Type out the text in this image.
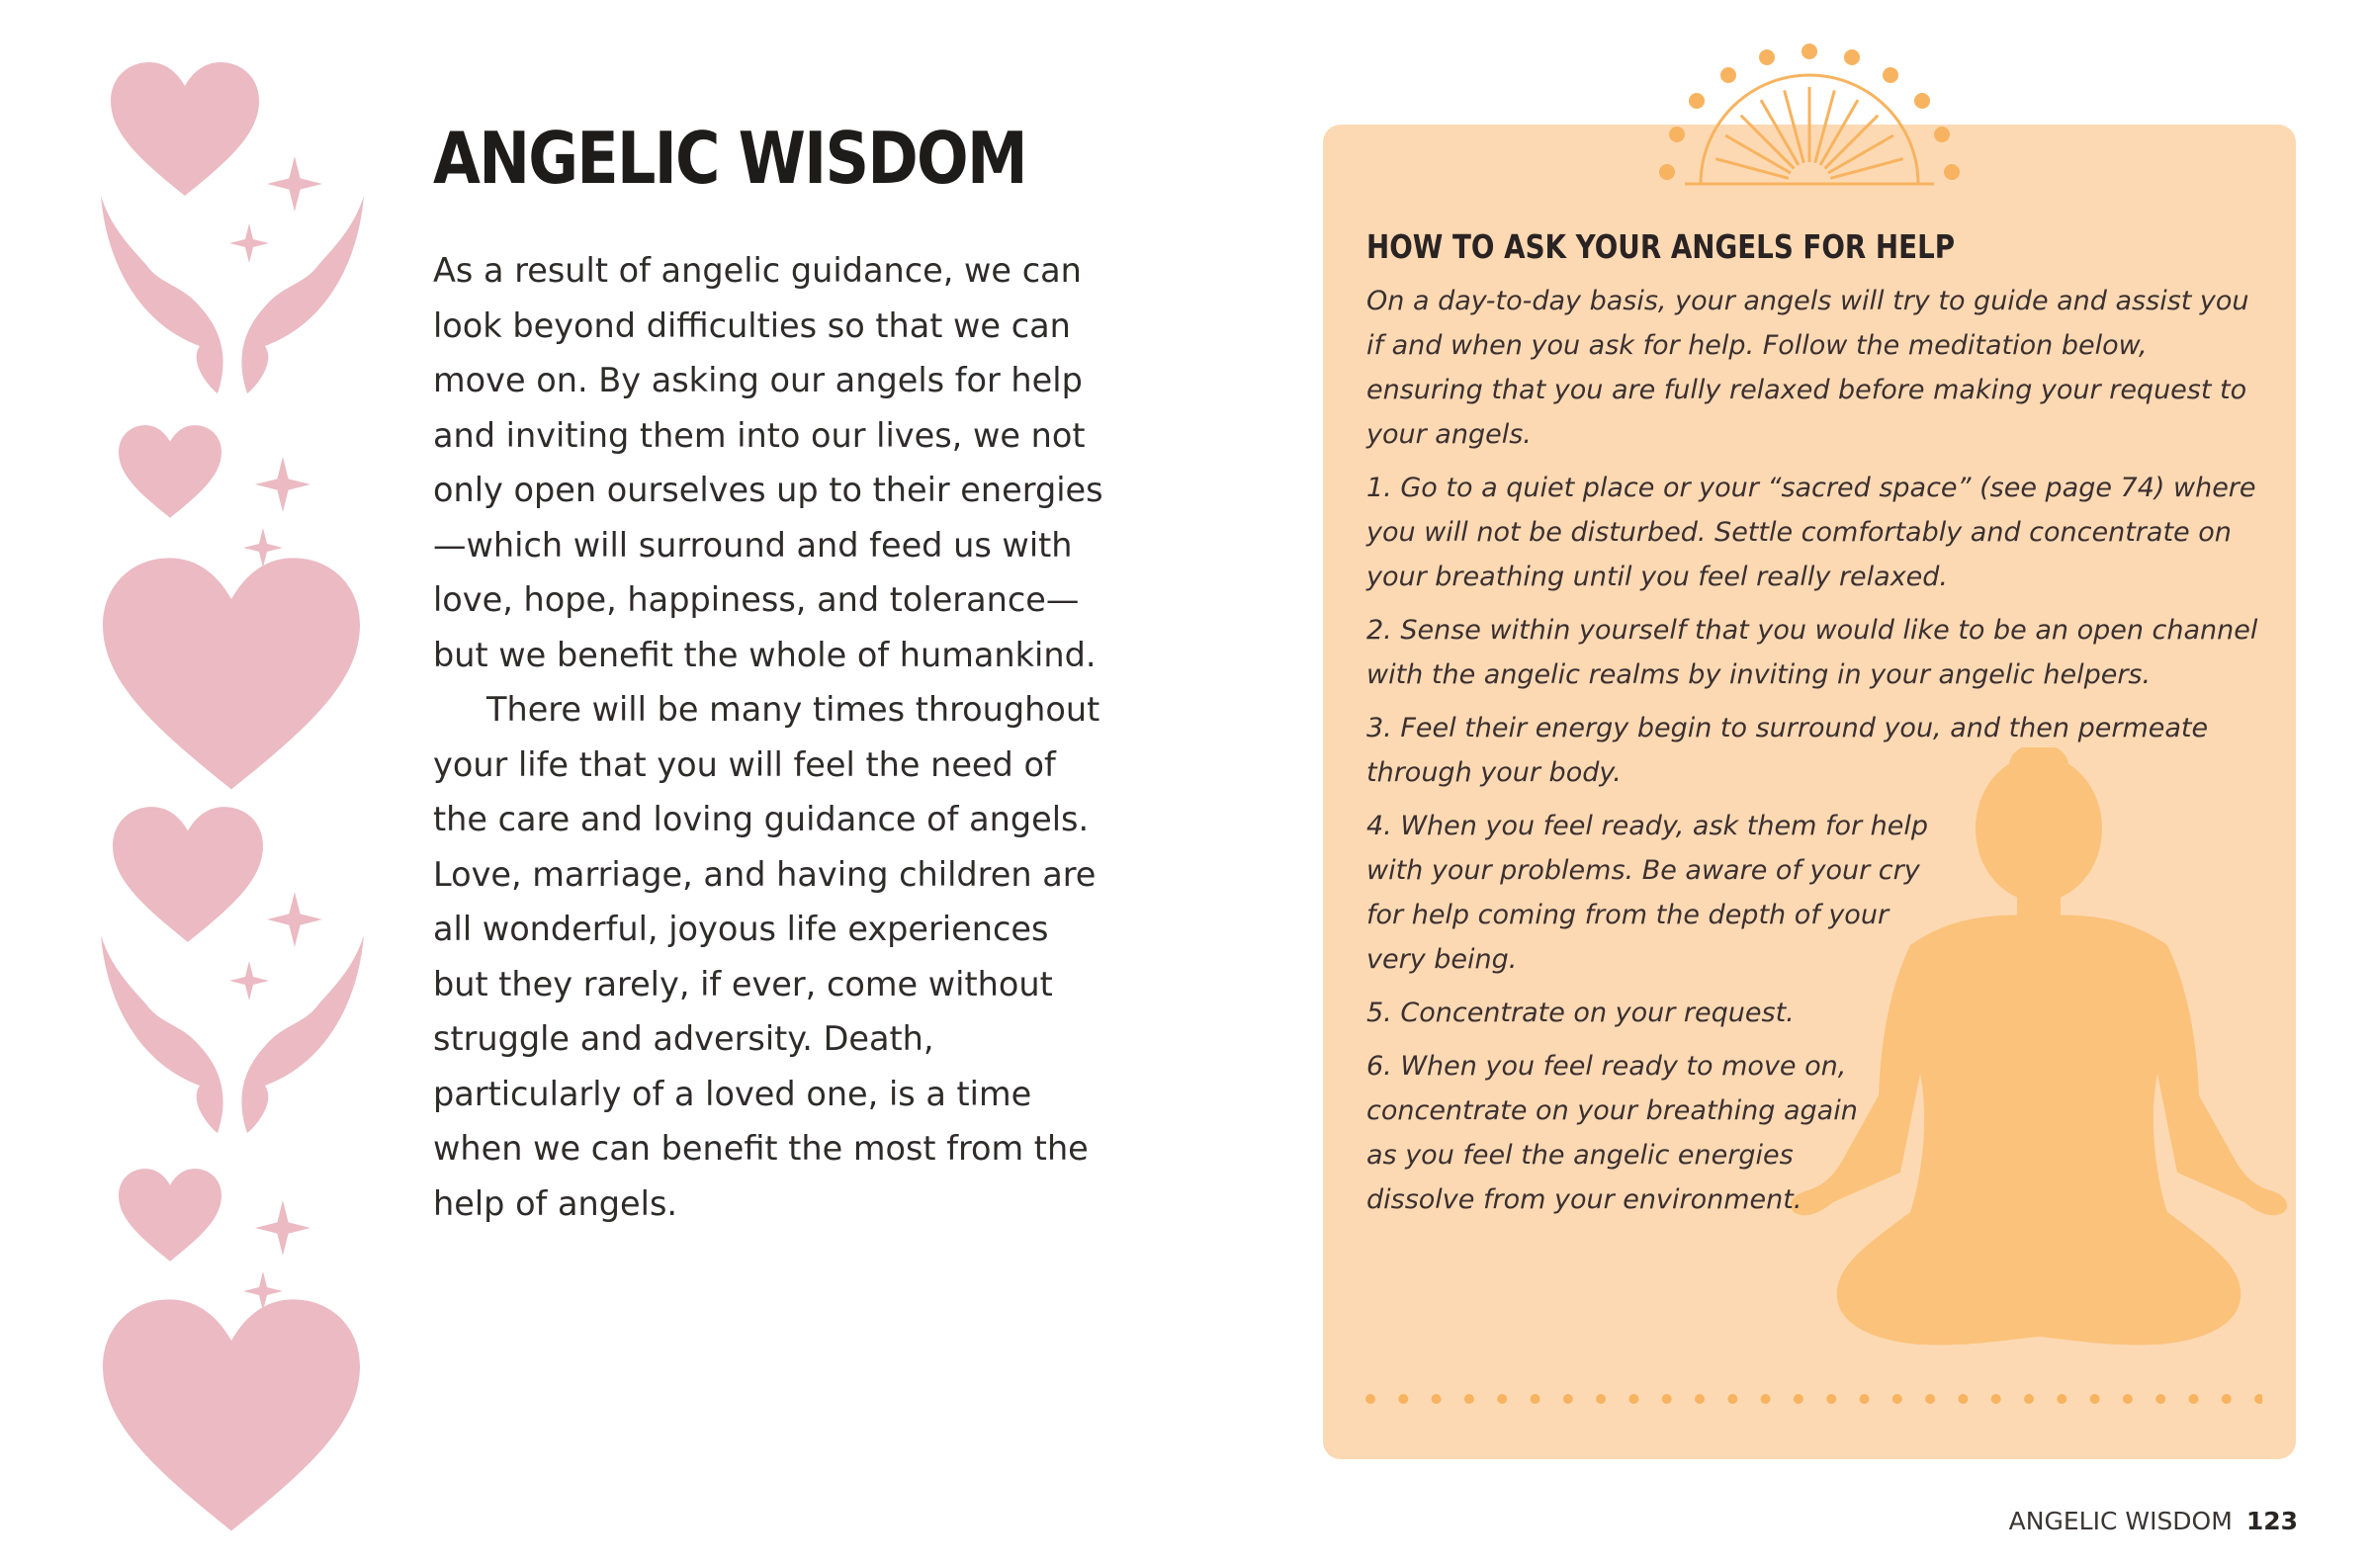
ANGELIC WISDOM

As a result of angelic guidance, we can look beyond difficulties so that we can move on. By asking our angels for help and inviting them into our lives, we not only open ourselves up to their energies—which will surround and feed us with love, hope, happiness, and tolerance—but we benefit the whole of humankind.

There will be many times throughout your life that you will feel the need of the care and loving guidance of angels. Love, marriage, and having children are all wonderful, joyous life experiences but they rarely, if ever, come without struggle and adversity. Death, particularly of a loved one, is a time when we can benefit the most from the help of angels.

HOW TO ASK YOUR ANGELS FOR HELP

On a day-to-day basis, your angels will try to guide and assist you if and when you ask for help. Follow the meditation below, ensuring that you are fully relaxed before making your request to your angels.

1. Go to a quiet place or your “sacred space” (see page 74) where you will not be disturbed. Settle comfortably and concentrate on your breathing until you feel really relaxed.

2. Sense within yourself that you would like to be an open channel with the angelic realms by inviting in your angelic helpers.

3. Feel their energy begin to surround you, and then permeate through your body.

4. When you feel ready, ask them for help with your problems. Be aware of your cry for help coming from the depth of your very being.

5. Concentrate on your request.

6. When you feel ready to move on, concentrate on your breathing again as you feel the angelic energies dissolve from your environment.

ANGELIC WISDOM 123
